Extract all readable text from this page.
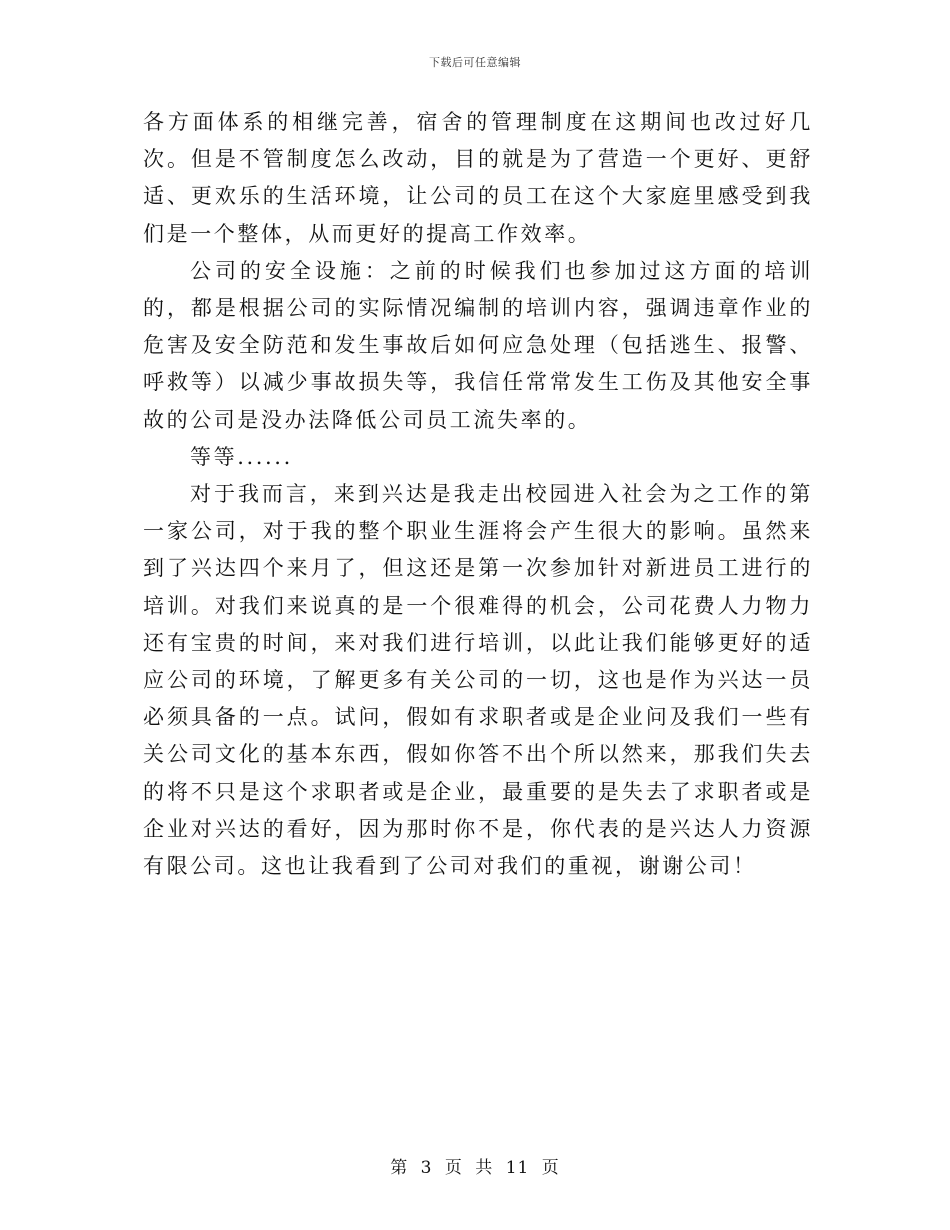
下载后可任意编辑

各方面体系的相继完善，宿舍的管理制度在这期间也改过好几次。但是不管制度怎么改动，目的就是为了营造一个更好、更舒适、更欢乐的生活环境，让公司的员工在这个大家庭里感受到我们是一个整体，从而更好的提高工作效率。

公司的安全设施：之前的时候我们也参加过这方面的培训的，都是根据公司的实际情况编制的培训内容，强调违章作业的危害及安全防范和发生事故后如何应急处理（包括逃生、报警、呼救等）以减少事故损失等，我信任常常发生工伤及其他安全事故的公司是没办法降低公司员工流失率的。

等等......

对于我而言，来到兴达是我走出校园进入社会为之工作的第一家公司，对于我的整个职业生涯将会产生很大的影响。虽然来到了兴达四个来月了，但这还是第一次参加针对新进员工进行的培训。对我们来说真的是一个很难得的机会，公司花费人力物力还有宝贵的时间，来对我们进行培训，以此让我们能够更好的适应公司的环境，了解更多有关公司的一切，这也是作为兴达一员必须具备的一点。试问，假如有求职者或是企业问及我们一些有关公司文化的基本东西，假如你答不出个所以然来，那我们失去的将不只是这个求职者或是企业，最重要的是失去了求职者或是企业对兴达的看好，因为那时你不是，你代表的是兴达人力资源有限公司。这也让我看到了公司对我们的重视，谢谢公司！

第 3 页 共 11 页
